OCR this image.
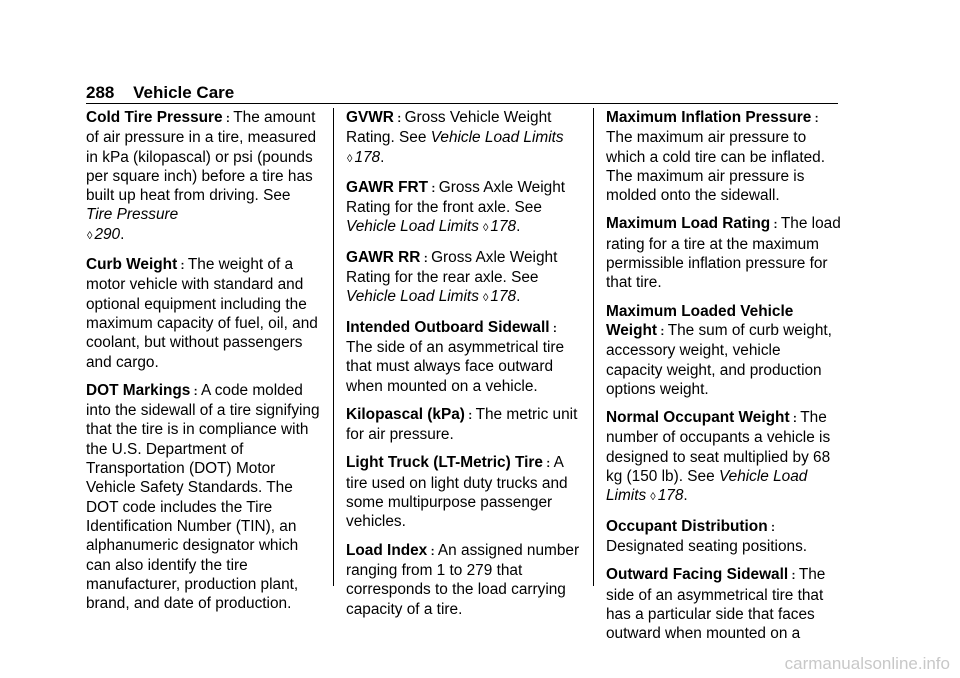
288 Vehicle Care

Cold Tire Pressure : The amount of air pressure in a tire, measured in kPa (kilopascal) or psi (pounds per square inch) before a tire has built up heat from driving. See Tire Pressure
◊ 290.

Curb Weight : The weight of a motor vehicle with standard and optional equipment including the maximum capacity of fuel, oil, and coolant, but without passengers and cargo.

DOT Markings : A code molded into the sidewall of a tire signifying that the tire is in compliance with the U.S. Department of Transportation (DOT) Motor Vehicle Safety Standards. The DOT code includes the Tire Identification Number (TIN), an alphanumeric designator which can also identify the tire manufacturer, production plant, brand, and date of production.

GVWR : Gross Vehicle Weight Rating. See Vehicle Load Limits
◊ 178.

GAWR FRT : Gross Axle Weight Rating for the front axle. See Vehicle Load Limits ◊ 178.

GAWR RR : Gross Axle Weight Rating for the rear axle. See Vehicle Load Limits ◊ 178.

Intended Outboard Sidewall :
The side of an asymmetrical tire that must always face outward when mounted on a vehicle.

Kilopascal (kPa) : The metric unit for air pressure.

Light Truck (LT-Metric) Tire : A tire used on light duty trucks and some multipurpose passenger vehicles.

Load Index : An assigned number ranging from 1 to 279 that corresponds to the load carrying capacity of a tire.

Maximum Inflation Pressure :
The maximum air pressure to which a cold tire can be inflated. The maximum air pressure is molded onto the sidewall.

Maximum Load Rating : The load rating for a tire at the maximum permissible inflation pressure for that tire.

Maximum Loaded Vehicle Weight : The sum of curb weight, accessory weight, vehicle capacity weight, and production options weight.

Normal Occupant Weight : The number of occupants a vehicle is designed to seat multiplied by 68 kg (150 lb). See Vehicle Load Limits ◊ 178.

Occupant Distribution :
Designated seating positions.

Outward Facing Sidewall : The side of an asymmetrical tire that has a particular side that faces outward when mounted on a

carmanualsonline.info
